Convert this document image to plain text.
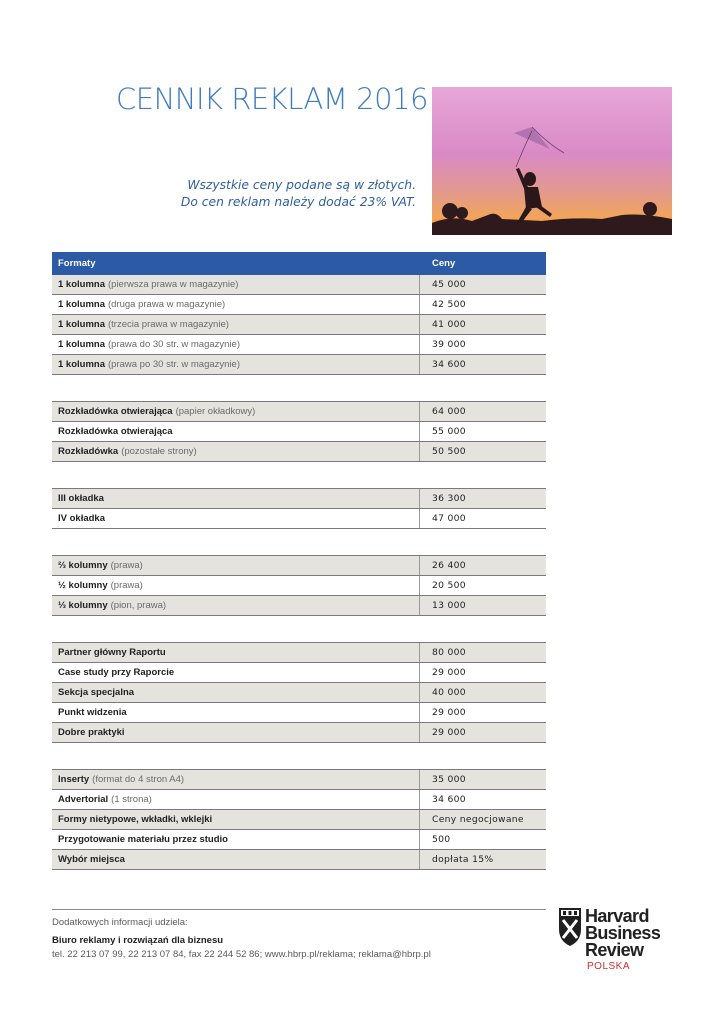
CENNIK REKLAM 2016
Wszystkie ceny podane są w złotych.
Do cen reklam należy dodać 23% VAT.
Formaty	Ceny
1 kolumna (pierwsza prawa w magazynie)	45 000
1 kolumna (druga prawa w magazynie)	42 500
1 kolumna (trzecia prawa w magazynie)	41 000
1 kolumna (prawa do 30 str. w magazynie)	39 000
1 kolumna (prawa po 30 str. w magazynie)	34 600
Rozkładówka otwierająca (papier okładkowy)	64 000
Rozkładówka otwierająca	55 000
Rozkładówka (pozostałe strony)	50 500
III okładka	36 300
IV okładka	47 000
⅔ kolumny (prawa)	26 400
½ kolumny (prawa)	20 500
⅓ kolumny (pion, prawa)	13 000
Partner główny Raportu	80 000
Case study przy Raporcie	29 000
Sekcja specjalna	40 000
Punkt widzenia	29 000
Dobre praktyki	29 000
Inserty (format do 4 stron A4)	35 000
Advertorial (1 strona)	34 600
Formy nietypowe, wkładki, wklejki	Ceny negocjowane
Przygotowanie materiału przez studio	500
Wybór miejsca	dopłata 15%
Dodatkowych informacji udziela:
Biuro reklamy i rozwiązań dla biznesu
tel. 22 213 07 99, 22 213 07 84, fax 22 244 52 86; www.hbrp.pl/reklama; reklama@hbrp.pl
Harvard
Business
Review
POLSKA
